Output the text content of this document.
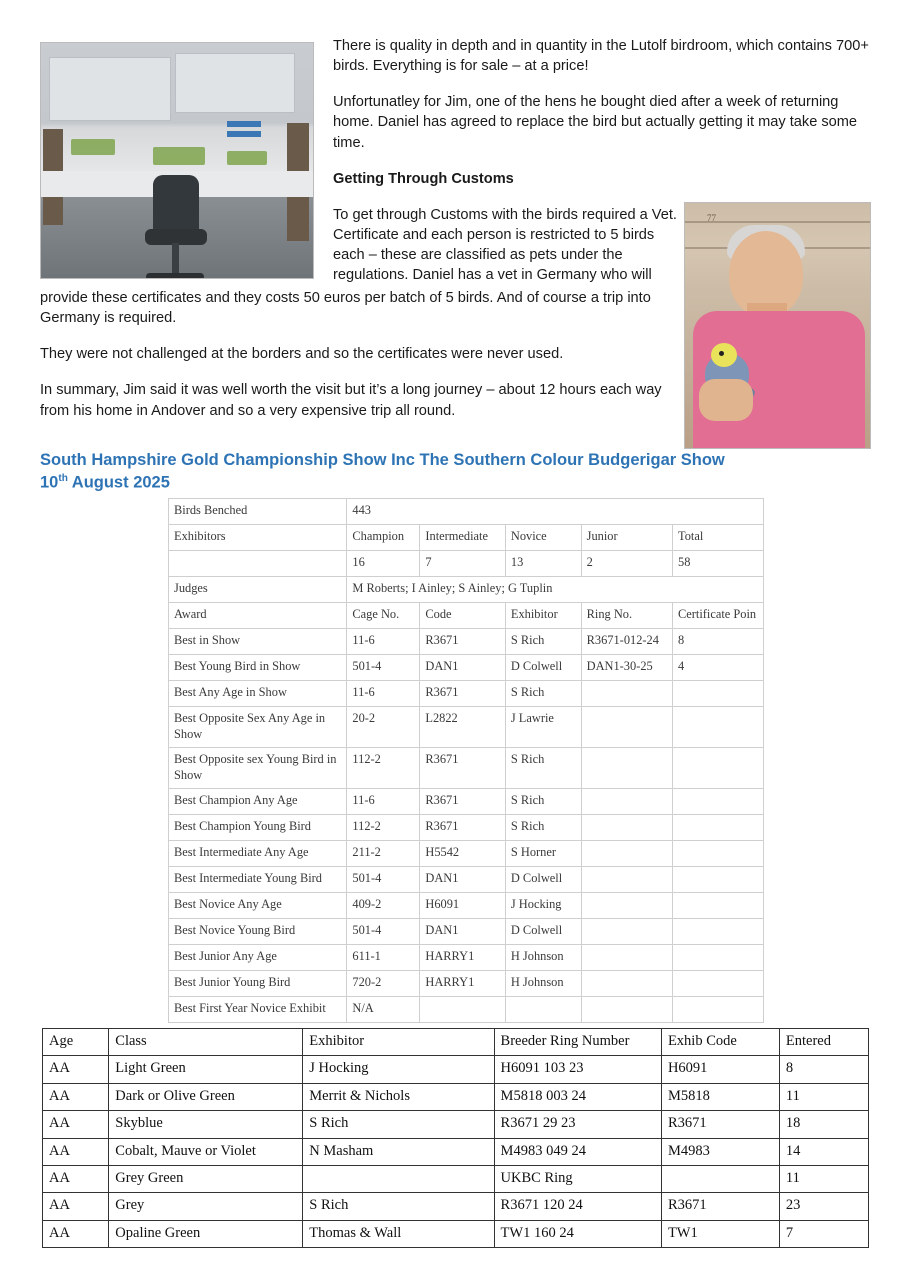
77

There is quality in depth and in quantity in the Lutolf birdroom, which contains 700+ birds. Everything is for sale – at a price!

Unfortunatley for Jim, one of the hens he bought died after a week of returning home. Daniel has agreed to replace the bird but actually getting it may take some time.

Getting Through Customs

To get through Customs with the birds required a Vet. Certificate and each person is restricted to 5 birds each – these are classified as pets under the regulations. Daniel has a vet in Germany who will

provide these certificates and they costs 50 euros per batch of 5 birds. And of course a trip into Germany is required.

They were not challenged at the borders and so the certificates were never used.

In summary, Jim said it was well worth the visit but it’s a long journey – about 12 hours each way from his home in Andover and so a very expensive trip all round.

South Hampshire Gold Championship Show Inc The Southern Colour Budgerigar Show
10th August 2025
Birds Benched	443				
Exhibitors	Champion	Intermediate	Novice	Junior	Total
	16	7	13	2	58
Judges	M Roberts; I Ainley; S Ainley; G Tuplin				
Award	Cage No.	Code	Exhibitor	Ring No.	Certificate Poin
Best in Show	11-6	R3671	S Rich	R3671-012-24	8
Best Young Bird in Show	501-4	DAN1	D Colwell	DAN1-30-25	4
Best Any Age in Show	11-6	R3671	S Rich		
Best Opposite Sex Any Age in Show	20-2	L2822	J Lawrie		
Best Opposite sex Young Bird in Show	112-2	R3671	S Rich		
Best Champion Any Age	11-6	R3671	S Rich		
Best Champion Young Bird	112-2	R3671	S Rich		
Best Intermediate Any Age	211-2	H5542	S Horner		
Best Intermediate Young Bird	501-4	DAN1	D Colwell		
Best Novice Any Age	409-2	H6091	J Hocking		
Best Novice Young Bird	501-4	DAN1	D Colwell		
Best Junior Any Age	611-1	HARRY1	H Johnson		
Best Junior Young Bird	720-2	HARRY1	H Johnson		
Best First Year Novice Exhibit	N/A				
Age	Class	Exhibitor	Breeder Ring Number	Exhib Code	Entered
AA	Light Green	J Hocking	H6091 103 23	H6091	8
AA	Dark or Olive Green	Merrit & Nichols	M5818 003 24	M5818	11
AA	Skyblue	S Rich	R3671 29 23	R3671	18
AA	Cobalt, Mauve or Violet	N Masham	M4983 049 24	M4983	14
AA	Grey Green		UKBC Ring		11
AA	Grey	S Rich	R3671 120 24	R3671	23
AA	Opaline Green	Thomas & Wall	TW1 160 24	TW1	7
